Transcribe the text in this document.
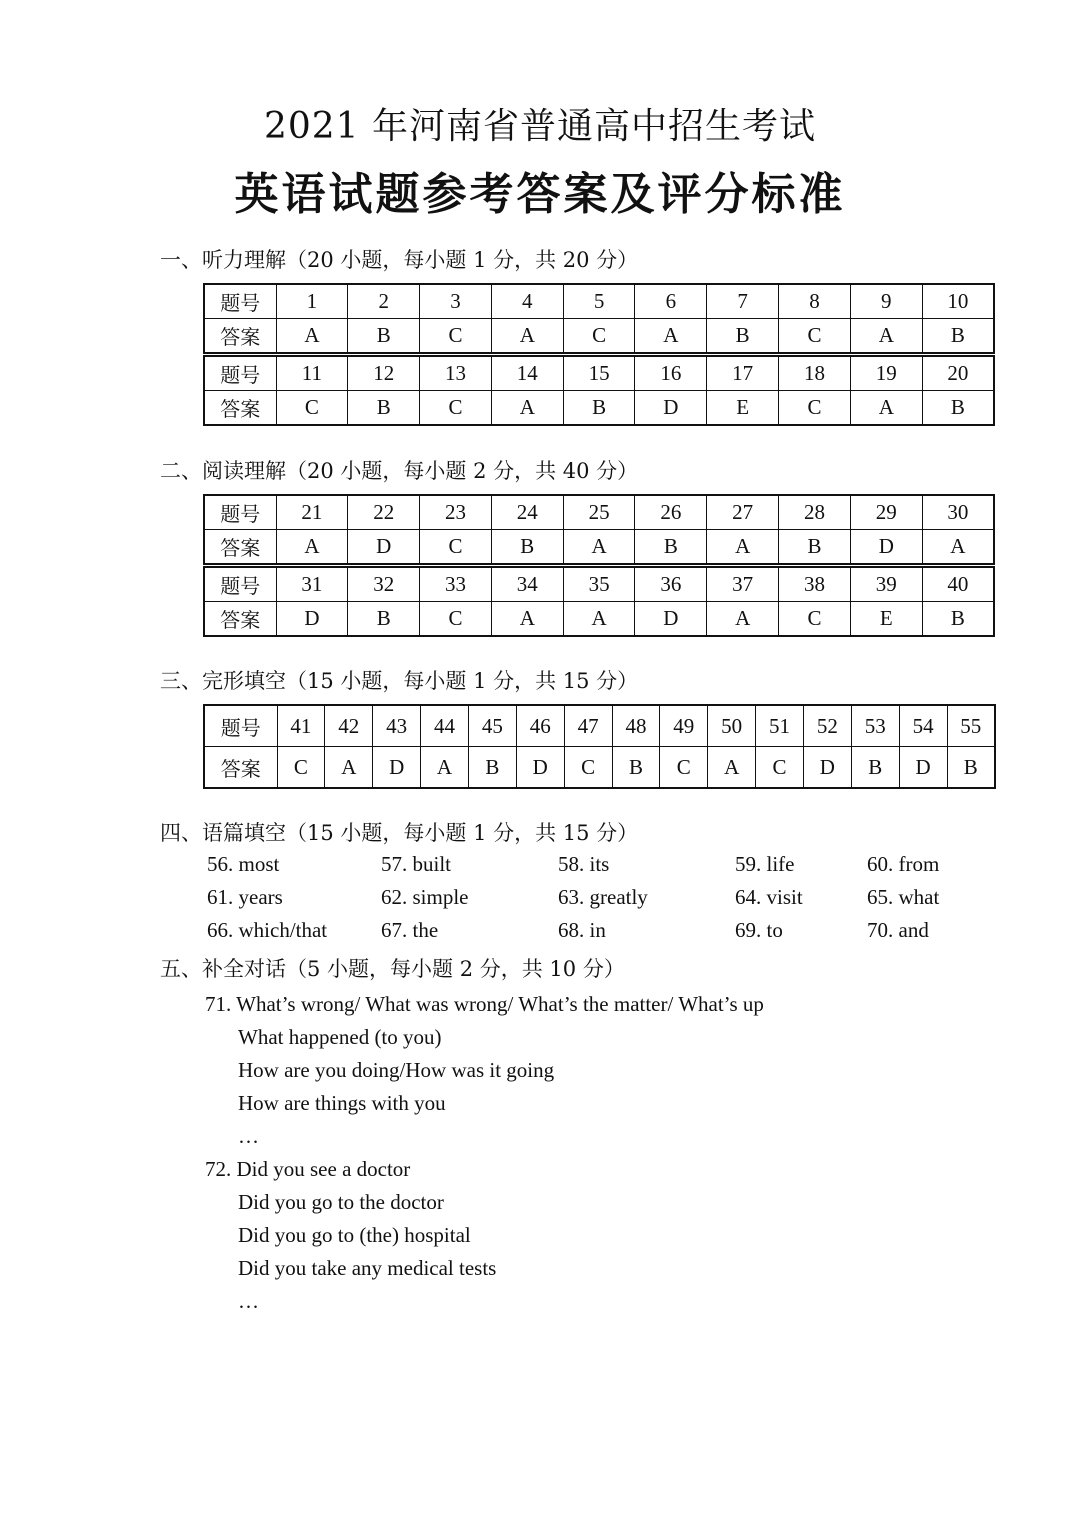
2021 年河南省普通高中招生考试
英语试题参考答案及评分标准
一、听力理解（20 小题，每小题 1 分，共 20 分）
题号	1	2	3	4	5	6	7	8	9	10
答案	A	B	C	A	C	A	B	C	A	B
题号	11	12	13	14	15	16	17	18	19	20
答案	C	B	C	A	B	D	E	C	A	B
二、阅读理解（20 小题，每小题 2 分，共 40 分）
题号	21	22	23	24	25	26	27	28	29	30
答案	A	D	C	B	A	B	A	B	D	A
题号	31	32	33	34	35	36	37	38	39	40
答案	D	B	C	A	A	D	A	C	E	B
三、完形填空（15 小题，每小题 1 分，共 15 分）
题号	41	42	43	44	45	46	47	48	49	50	51	52	53	54	55
答案	C	A	D	A	B	D	C	B	C	A	C	D	B	D	B
四、语篇填空（15 小题，每小题 1 分，共 15 分）
56. most	57. built	58. its	59. life	60. from
61. years	62. simple	63. greatly	64. visit	65. what
66. which/that	67. the	68. in	69. to	70. and
五、补全对话（5 小题，每小题 2 分，共 10 分）
71. What’s wrong/ What was wrong/ What’s the matter/ What’s up
What happened (to you)
How are you doing/How was it going
How are things with you
…
72. Did you see a doctor
Did you go to the doctor
Did you go to (the) hospital
Did you take any medical tests
…
